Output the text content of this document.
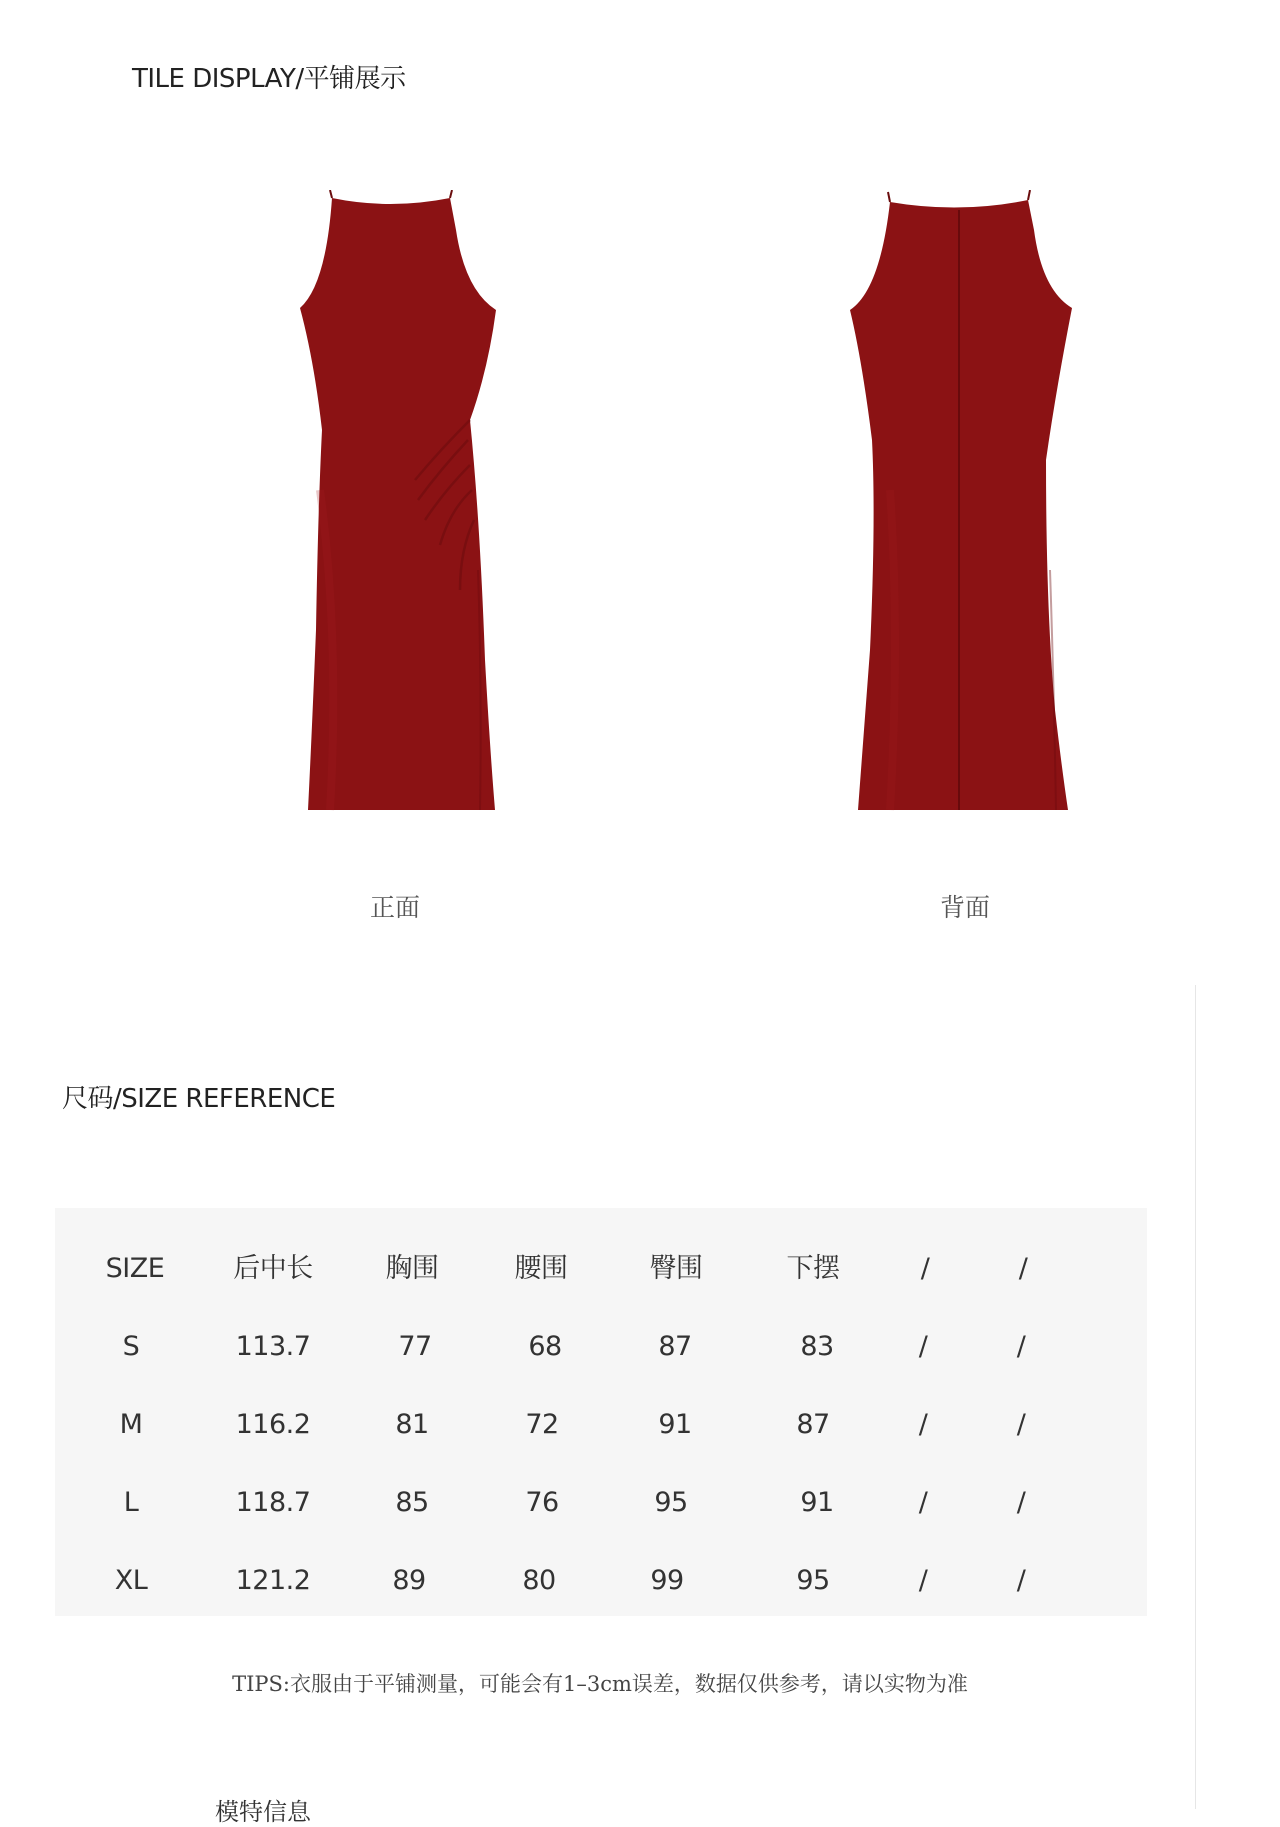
TILE DISPLAY/平铺展示
正面	背面
尺码/SIZE REFERENCE
SIZE	后中长	胸围	腰围	臀围	下摆	/	/
S	113.7	77	68	87	83	/	/
M	116.2	81	72	91	87	/	/
L	118.7	85	76	95	91	/	/
XL	121.2	89	80	99	95	/	/
TIPS:衣服由于平铺测量，可能会有1–3cm误差，数据仅供参考，请以实物为准
模特信息
